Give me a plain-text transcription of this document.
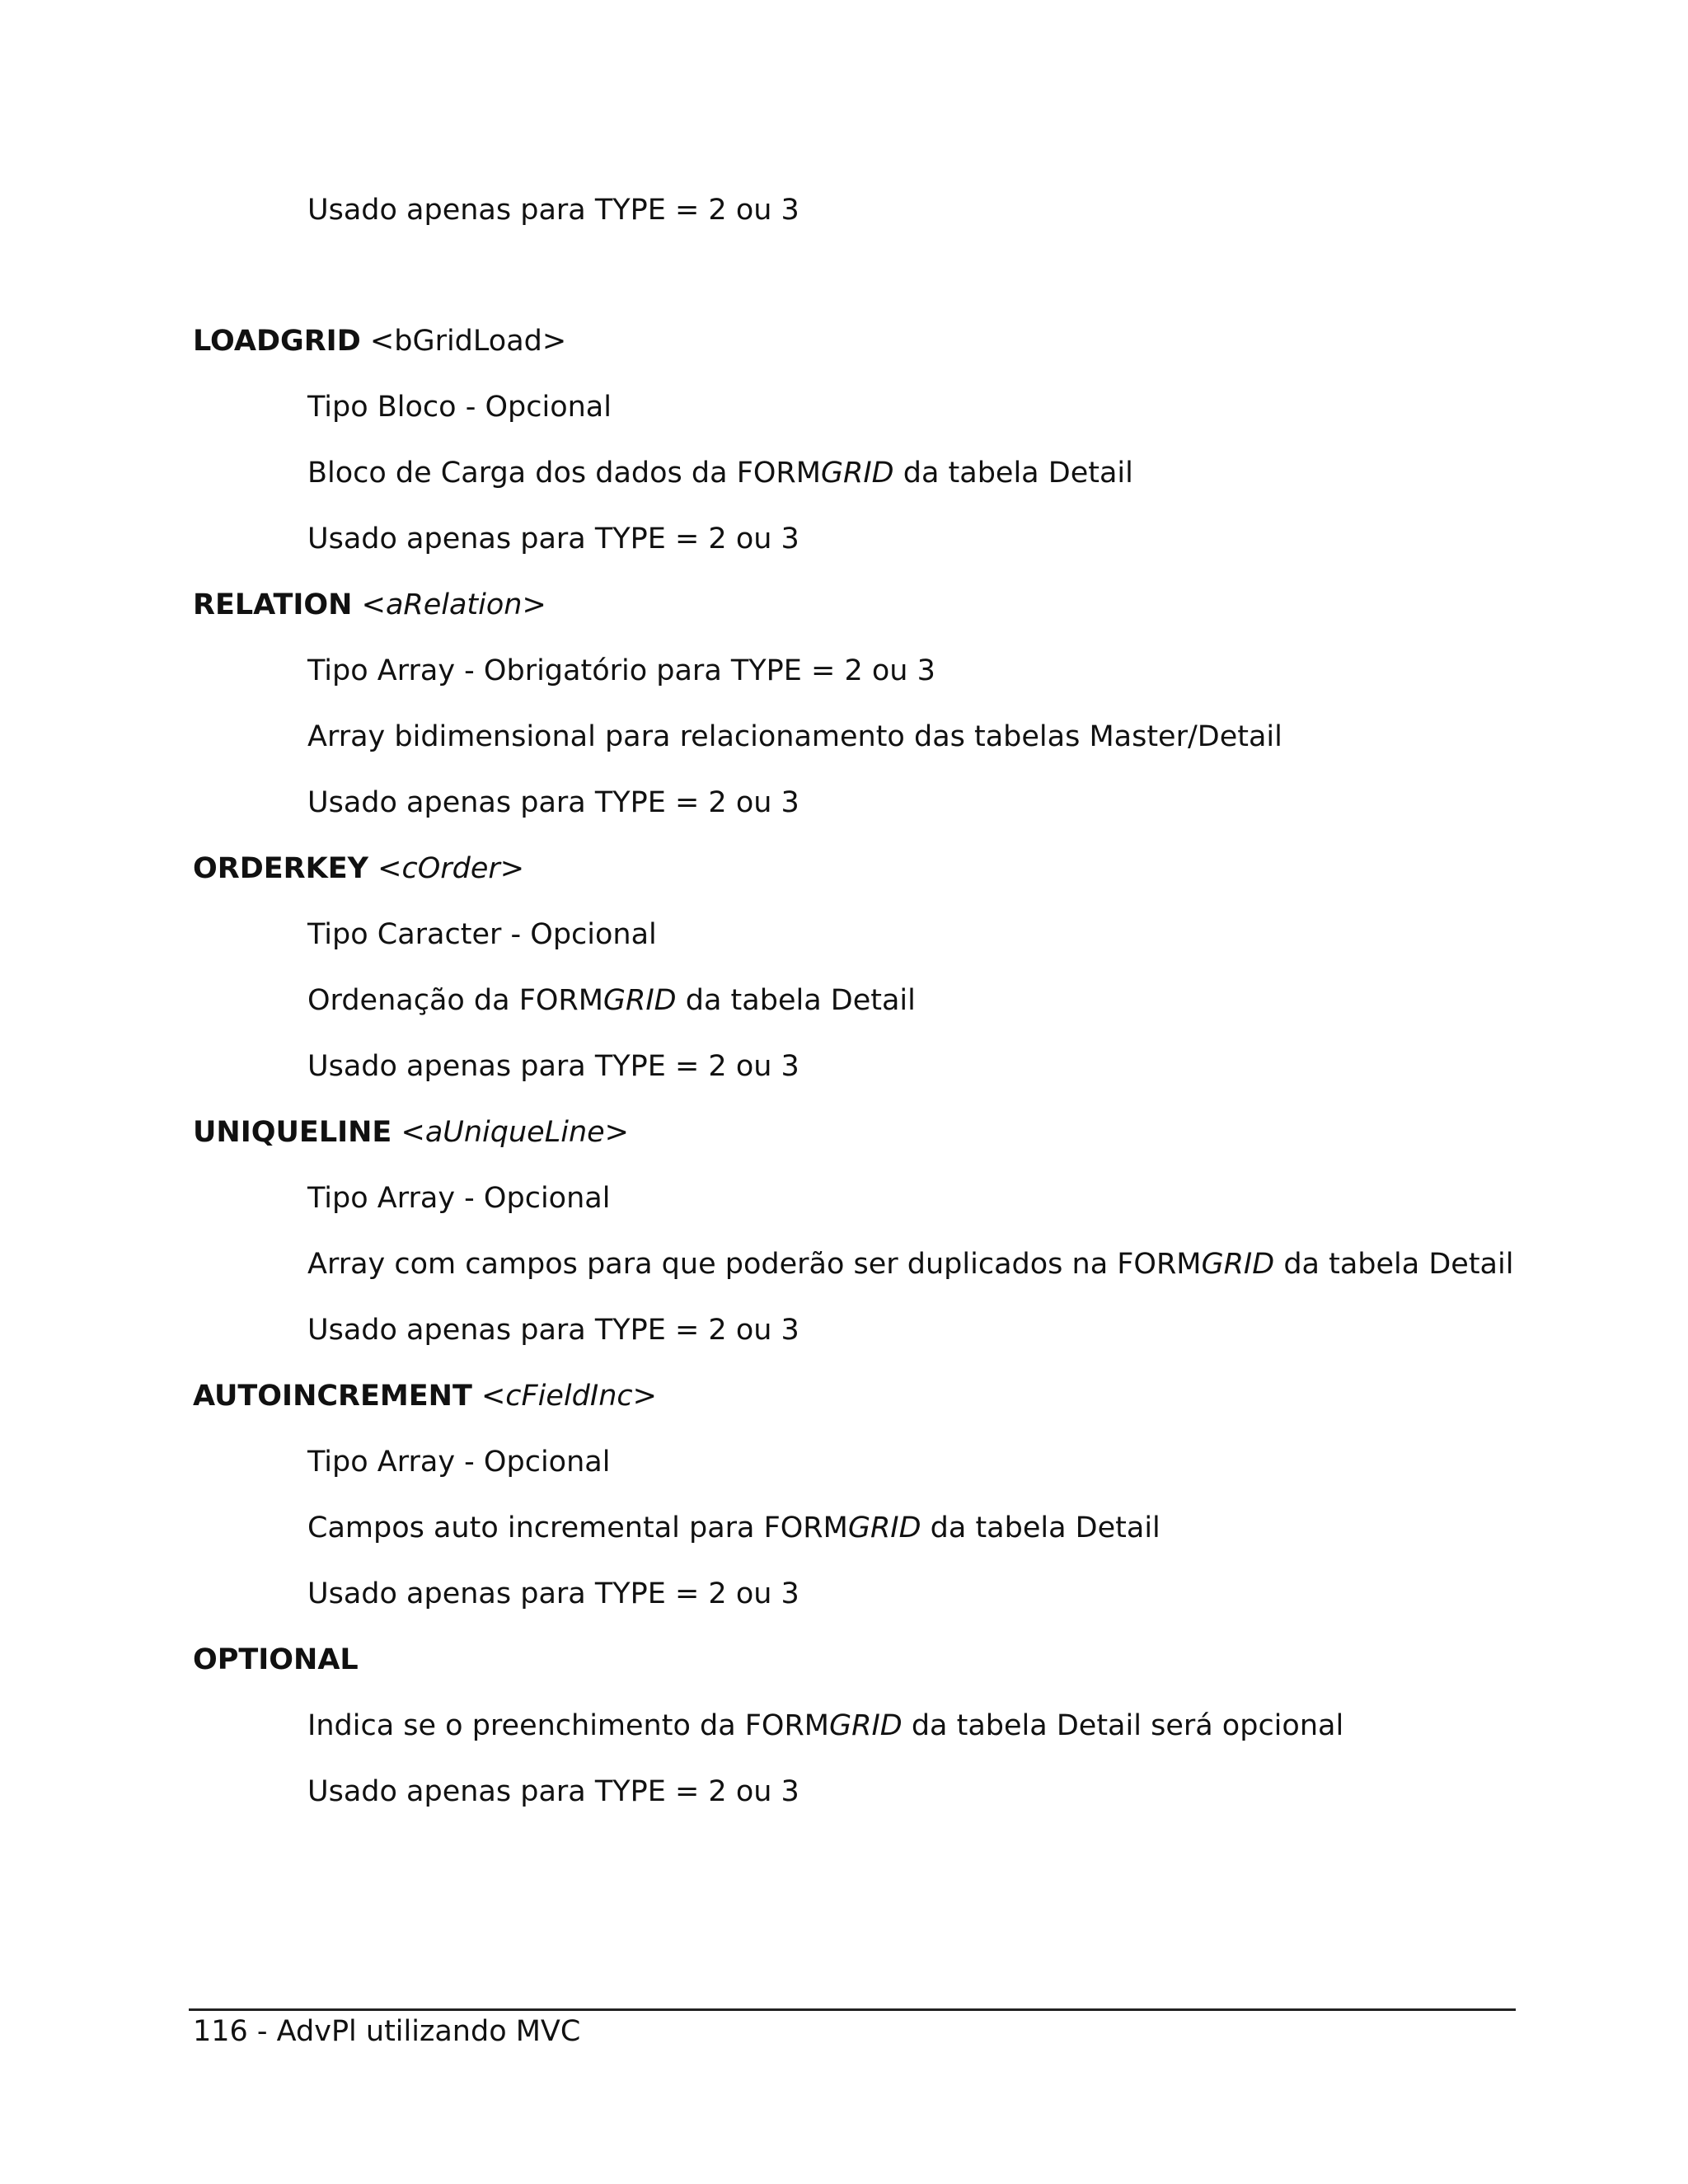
Usado apenas para TYPE = 2 ou 3
LOADGRID <bGridLoad>
Tipo Bloco - Opcional
Bloco de Carga dos dados da FORMGRID da tabela Detail
Usado apenas para TYPE = 2 ou 3
RELATION <aRelation>
Tipo Array - Obrigatório para TYPE = 2 ou 3
Array bidimensional para relacionamento das tabelas Master/Detail
Usado apenas para TYPE = 2 ou 3
ORDERKEY <cOrder>
Tipo Caracter - Opcional
Ordenação da FORMGRID da tabela Detail
Usado apenas para TYPE = 2 ou 3
UNIQUELINE <aUniqueLine>
Tipo Array - Opcional
Array com campos para que poderão ser duplicados na FORMGRID da tabela Detail
Usado apenas para TYPE = 2 ou 3
AUTOINCREMENT <cFieldInc>
Tipo Array - Opcional
Campos auto incremental para FORMGRID da tabela Detail
Usado apenas para TYPE = 2 ou 3
OPTIONAL
Indica se o preenchimento da FORMGRID da tabela Detail será opcional
Usado apenas para TYPE = 2 ou 3
116 - AdvPl utilizando MVC
